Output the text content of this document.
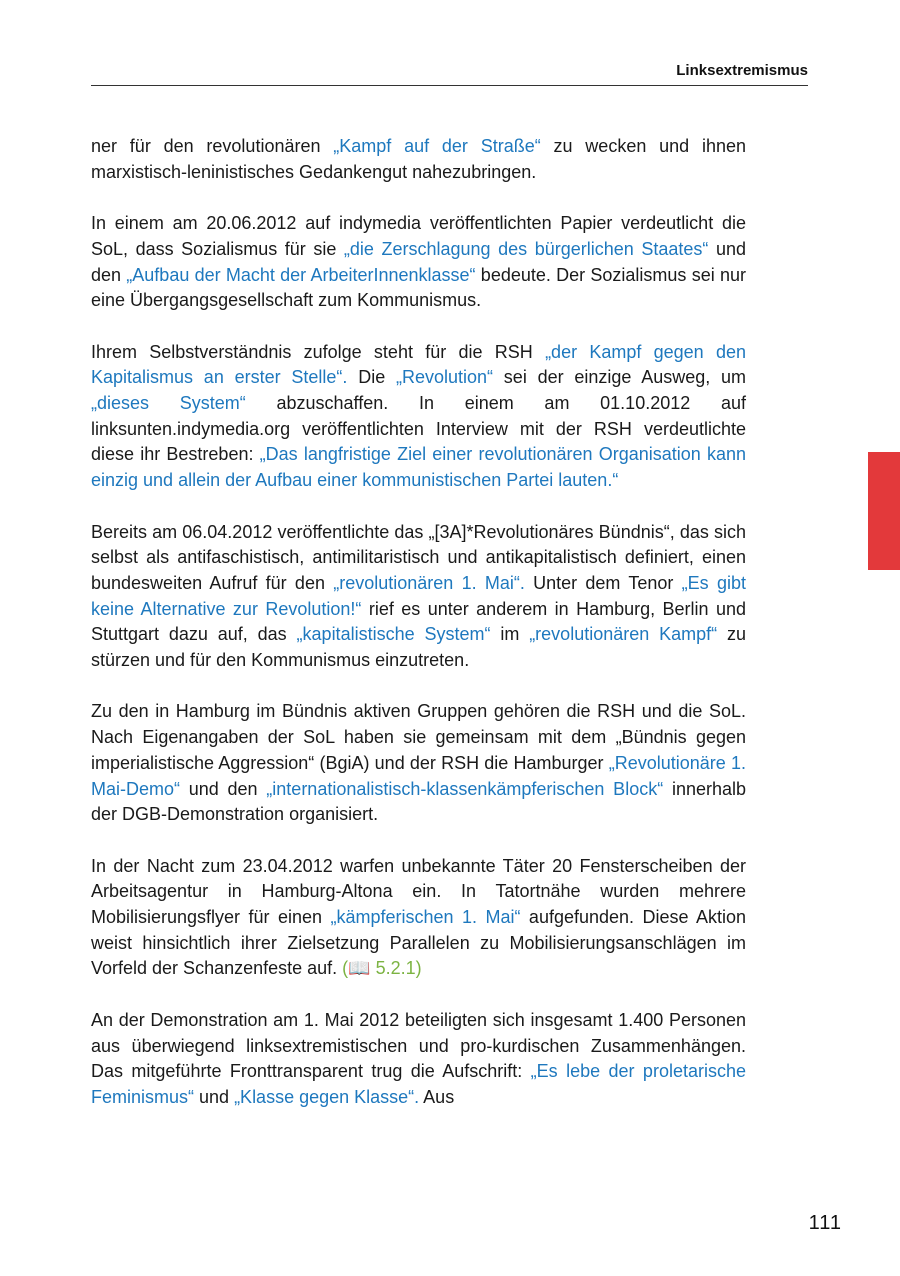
Linksextremismus

ner für den revolutionären „Kampf auf der Straße“ zu wecken und ihnen marxistisch-leninistisches Gedankengut nahezubringen.

In einem am 20.06.2012 auf indymedia veröffentlichten Papier verdeutlicht die SoL, dass Sozialismus für sie „die Zerschlagung des bürgerlichen Staates“ und den „Aufbau der Macht der ArbeiterInnenklasse“ bedeute. Der Sozialismus sei nur eine Übergangsgesellschaft zum Kommunismus.

Ihrem Selbstverständnis zufolge steht für die RSH „der Kampf gegen den Kapitalismus an erster Stelle“. Die „Revolution“ sei der einzige Ausweg, um „dieses System“ abzuschaffen. In einem am 01.10.2012 auf linksunten.indymedia.org veröffentlichten Interview mit der RSH verdeutlichte diese ihr Bestreben: „Das langfristige Ziel einer revolutionären Organisation kann einzig und allein der Aufbau einer kommunistischen Partei lauten.“

Bereits am 06.04.2012 veröffentlichte das „[3A]*Revolutionäres Bündnis“, das sich selbst als antifaschistisch, antimilitaristisch und antikapitalistisch definiert, einen bundesweiten Aufruf für den „revolutionären 1. Mai“. Unter dem Tenor „Es gibt keine Alternative zur Revolution!“ rief es unter anderem in Hamburg, Berlin und Stuttgart dazu auf, das „kapitalistische System“ im „revolutionären Kampf“ zu stürzen und für den Kommunismus einzutreten.

Zu den in Hamburg im Bündnis aktiven Gruppen gehören die RSH und die SoL. Nach Eigenangaben der SoL haben sie gemeinsam mit dem „Bündnis gegen imperialistische Aggression“ (BgiA) und der RSH die Hamburger „Revolutionäre 1. Mai-Demo“ und den „internationalistisch-klassenkämpferischen Block“ innerhalb der DGB-Demonstration organisiert.

In der Nacht zum 23.04.2012 warfen unbekannte Täter 20 Fensterscheiben der Arbeitsagentur in Hamburg-Altona ein. In Tatortnähe wurden mehrere Mobilisierungsflyer für einen „kämpferischen 1. Mai“ aufgefunden. Diese Aktion weist hinsichtlich ihrer Zielsetzung Parallelen zu Mobilisierungsanschlägen im Vorfeld der Schanzenfeste auf. (📖 5.2.1)

An der Demonstration am 1. Mai 2012 beteiligten sich insgesamt 1.400 Personen aus überwiegend linksextremistischen und pro-kurdischen Zusammenhängen. Das mitgeführte Fronttransparent trug die Aufschrift: „Es lebe der proletarische Feminismus“ und „Klasse gegen Klasse“. Aus

111
